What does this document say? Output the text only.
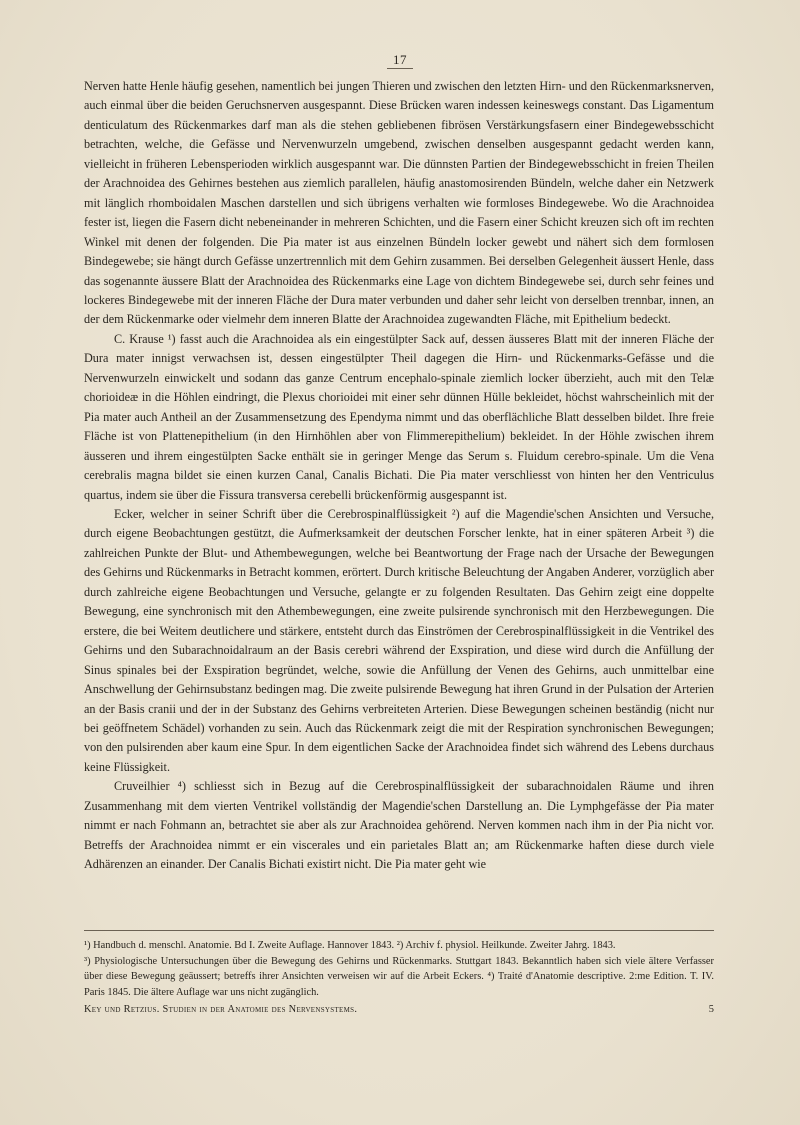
17

Nerven hatte Henle häufig gesehen, namentlich bei jungen Thieren und zwischen den letzten Hirn- und den Rückenmarksnerven, auch einmal über die beiden Geruchsnerven ausgespannt. Diese Brücken waren indessen keineswegs constant. Das Ligamentum denticulatum des Rückenmarkes darf man als die stehen gebliebenen fibrösen Verstärkungsfasern einer Bindegewebsschicht betrachten, welche, die Gefässe und Nervenwurzeln umgebend, zwischen denselben ausgespannt gedacht werden kann, vielleicht in früheren Lebensperioden wirklich ausgespannt war. Die dünnsten Partien der Bindegewebsschicht in freien Theilen der Arachnoidea des Gehirnes bestehen aus ziemlich parallelen, häufig anastomosirenden Bündeln, welche daher ein Netzwerk mit länglich rhomboidalen Maschen darstellen und sich übrigens verhalten wie formloses Bindegewebe. Wo die Arachnoidea fester ist, liegen die Fasern dicht nebeneinander in mehreren Schichten, und die Fasern einer Schicht kreuzen sich oft im rechten Winkel mit denen der folgenden. Die Pia mater ist aus einzelnen Bündeln locker gewebt und nähert sich dem formlosen Bindegewebe; sie hängt durch Gefässe unzertrennlich mit dem Gehirn zusammen. Bei derselben Gelegenheit äussert Henle, dass das sogenannte äussere Blatt der Arachnoidea des Rückenmarks eine Lage von dichtem Bindegewebe sei, durch sehr feines und lockeres Bindegewebe mit der inneren Fläche der Dura mater verbunden und daher sehr leicht von derselben trennbar, innen, an der dem Rückenmarke oder vielmehr dem inneren Blatte der Arachnoidea zugewandten Fläche, mit Epithelium bedeckt.

C. Krause ¹) fasst auch die Arachnoidea als ein eingestülpter Sack auf, dessen äusseres Blatt mit der inneren Fläche der Dura mater innigst verwachsen ist, dessen eingestülpter Theil dagegen die Hirn- und Rückenmarks-Gefässe und die Nervenwurzeln einwickelt und sodann das ganze Centrum encephalo-spinale ziemlich locker überzieht, auch mit den Telæ chorioideæ in die Höhlen eindringt, die Plexus chorioidei mit einer sehr dünnen Hülle bekleidet, höchst wahrscheinlich mit der Pia mater auch Antheil an der Zusammensetzung des Ependyma nimmt und das oberflächliche Blatt desselben bildet. Ihre freie Fläche ist von Plattenepithelium (in den Hirnhöhlen aber von Flimmerepithelium) bekleidet. In der Höhle zwischen ihrem äusseren und ihrem eingestülpten Sacke enthält sie in geringer Menge das Serum s. Fluidum cerebro-spinale. Um die Vena cerebralis magna bildet sie einen kurzen Canal, Canalis Bichati. Die Pia mater verschliesst von hinten her den Ventriculus quartus, indem sie über die Fissura transversa cerebelli brückenförmig ausgespannt ist.

Ecker, welcher in seiner Schrift über die Cerebrospinalflüssigkeit ²) auf die Magendie'schen Ansichten und Versuche, durch eigene Beobachtungen gestützt, die Aufmerksamkeit der deutschen Forscher lenkte, hat in einer späteren Arbeit ³) die zahlreichen Punkte der Blut- und Athembewegungen, welche bei Beantwortung der Frage nach der Ursache der Bewegungen des Gehirns und Rückenmarks in Betracht kommen, erörtert. Durch kritische Beleuchtung der Angaben Anderer, vorzüglich aber durch zahlreiche eigene Beobachtungen und Versuche, gelangte er zu folgenden Resultaten. Das Gehirn zeigt eine doppelte Bewegung, eine synchronisch mit den Athembewegungen, eine zweite pulsirende synchronisch mit den Herzbewegungen. Die erstere, die bei Weitem deutlichere und stärkere, entsteht durch das Einströmen der Cerebrospinalflüssigkeit in die Ventrikel des Gehirns und den Subarachnoidalraum an der Basis cerebri während der Exspiration, und diese wird durch die Anfüllung der Sinus spinales bei der Exspiration begründet, welche, sowie die Anfüllung der Venen des Gehirns, auch unmittelbar eine Anschwellung der Gehirnsubstanz bedingen mag. Die zweite pulsirende Bewegung hat ihren Grund in der Pulsation der Arterien an der Basis cranii und der in der Substanz des Gehirns verbreiteten Arterien. Diese Bewegungen scheinen beständig (nicht nur bei geöffnetem Schädel) vorhanden zu sein. Auch das Rückenmark zeigt die mit der Respiration synchronischen Bewegungen; von den pulsirenden aber kaum eine Spur. In dem eigentlichen Sacke der Arachnoidea findet sich während des Lebens durchaus keine Flüssigkeit.

Cruveilhier ⁴) schliesst sich in Bezug auf die Cerebrospinalflüssigkeit der subarachnoidalen Räume und ihren Zusammenhang mit dem vierten Ventrikel vollständig der Magendie'schen Darstellung an. Die Lymphgefässe der Pia mater nimmt er nach Fohmann an, betrachtet sie aber als zur Arachnoidea gehörend. Nerven kommen nach ihm in der Pia nicht vor. Betreffs der Arachnoidea nimmt er ein viscerales und ein parietales Blatt an; am Rückenmarke haften diese durch viele Adhärenzen an einander. Der Canalis Bichati existirt nicht. Die Pia mater geht wie

¹) Handbuch d. menschl. Anatomie. Bd I. Zweite Auflage. Hannover 1843. ²) Archiv f. physiol. Heilkunde. Zweiter Jahrg. 1843.

³) Physiologische Untersuchungen über die Bewegung des Gehirns und Rückenmarks. Stuttgart 1843. Bekanntlich haben sich viele ältere Verfasser über diese Bewegung geäussert; betreffs ihrer Ansichten verweisen wir auf die Arbeit Eckers. ⁴) Traité d'Anatomie descriptive. 2:me Edition. T. IV. Paris 1845. Die ältere Auflage war uns nicht zugänglich.

Key und Retzius. Studien in der Anatomie des Nervensystems.	5
